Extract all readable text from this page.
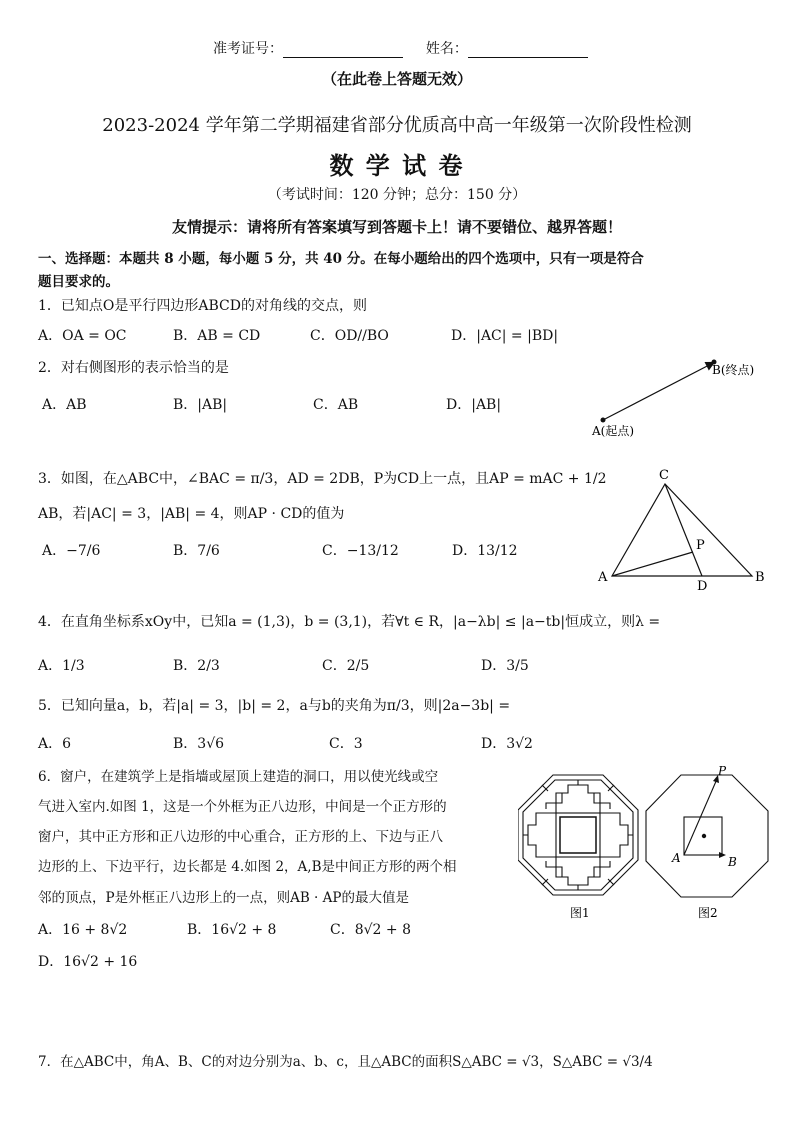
准考证号：	姓名：
（在此卷上答题无效）
2023-2024 学年第二学期福建省部分优质高中高一年级第一次阶段性检测
数 学 试 卷
（考试时间：120 分钟；总分：150 分）
友情提示：请将所有答案填写到答题卡上！请不要错位、越界答题！
一、选择题：本题共 8 小题，每小题 5 分，共 40 分。在每小题给出的四个选项中，只有一项是符合
题目要求的。
1．已知点O是平行四边形ABCD的对角线的交点，则
A．OA = OC	B．AB = CD	C．OD//BO	D．|AC| = |BD|
2．对右侧图形的表示恰当的是
A．AB	B．|AB|	C．AB	D．|AB|
B(终点)
A(起点)
3．如图，在△ABC中，∠BAC = π/3，AD = 2DB，P为CD上一点，且AP = mAC + 1/2
AB，若|AC| = 3，|AB| = 4，则AP · CD的值为
A．−7/6	B．7/6	C．−13/12	D．13/12
C
P
A
D
B
4．在直角坐标系xOy中，已知a = (1,3)，b = (3,1)，若∀t ∈ R，|a−λb| ≤ |a−tb|恒成立，则λ =
A．1/3	B．2/3	C．2/5	D．3/5
5．已知向量a，b，若|a| = 3，|b| = 2，a与b的夹角为π/3，则|2a−3b| =
A．6	B．3√6	C．3	D．3√2
6．窗户，在建筑学上是指墙或屋顶上建造的洞口，用以使光线或空
气进入室内.如图 1，这是一个外框为正八边形，中间是一个正方形的
窗户，其中正方形和正八边形的中心重合，正方形的上、下边与正八
边形的上、下边平行，边长都是 4.如图 2，A,B是中间正方形的两个相
邻的顶点，P是外框正八边形上的一点，则AB · AP的最大值是
A．16 + 8√2	B．16√2 + 8	C．8√2 + 8
D．16√2 + 16
图1
P
A	B
图2
7．在△ABC中，角A、B、C的对边分别为a、b、c，且△ABC的面积S△ABC = √3，S△ABC = √3/4
